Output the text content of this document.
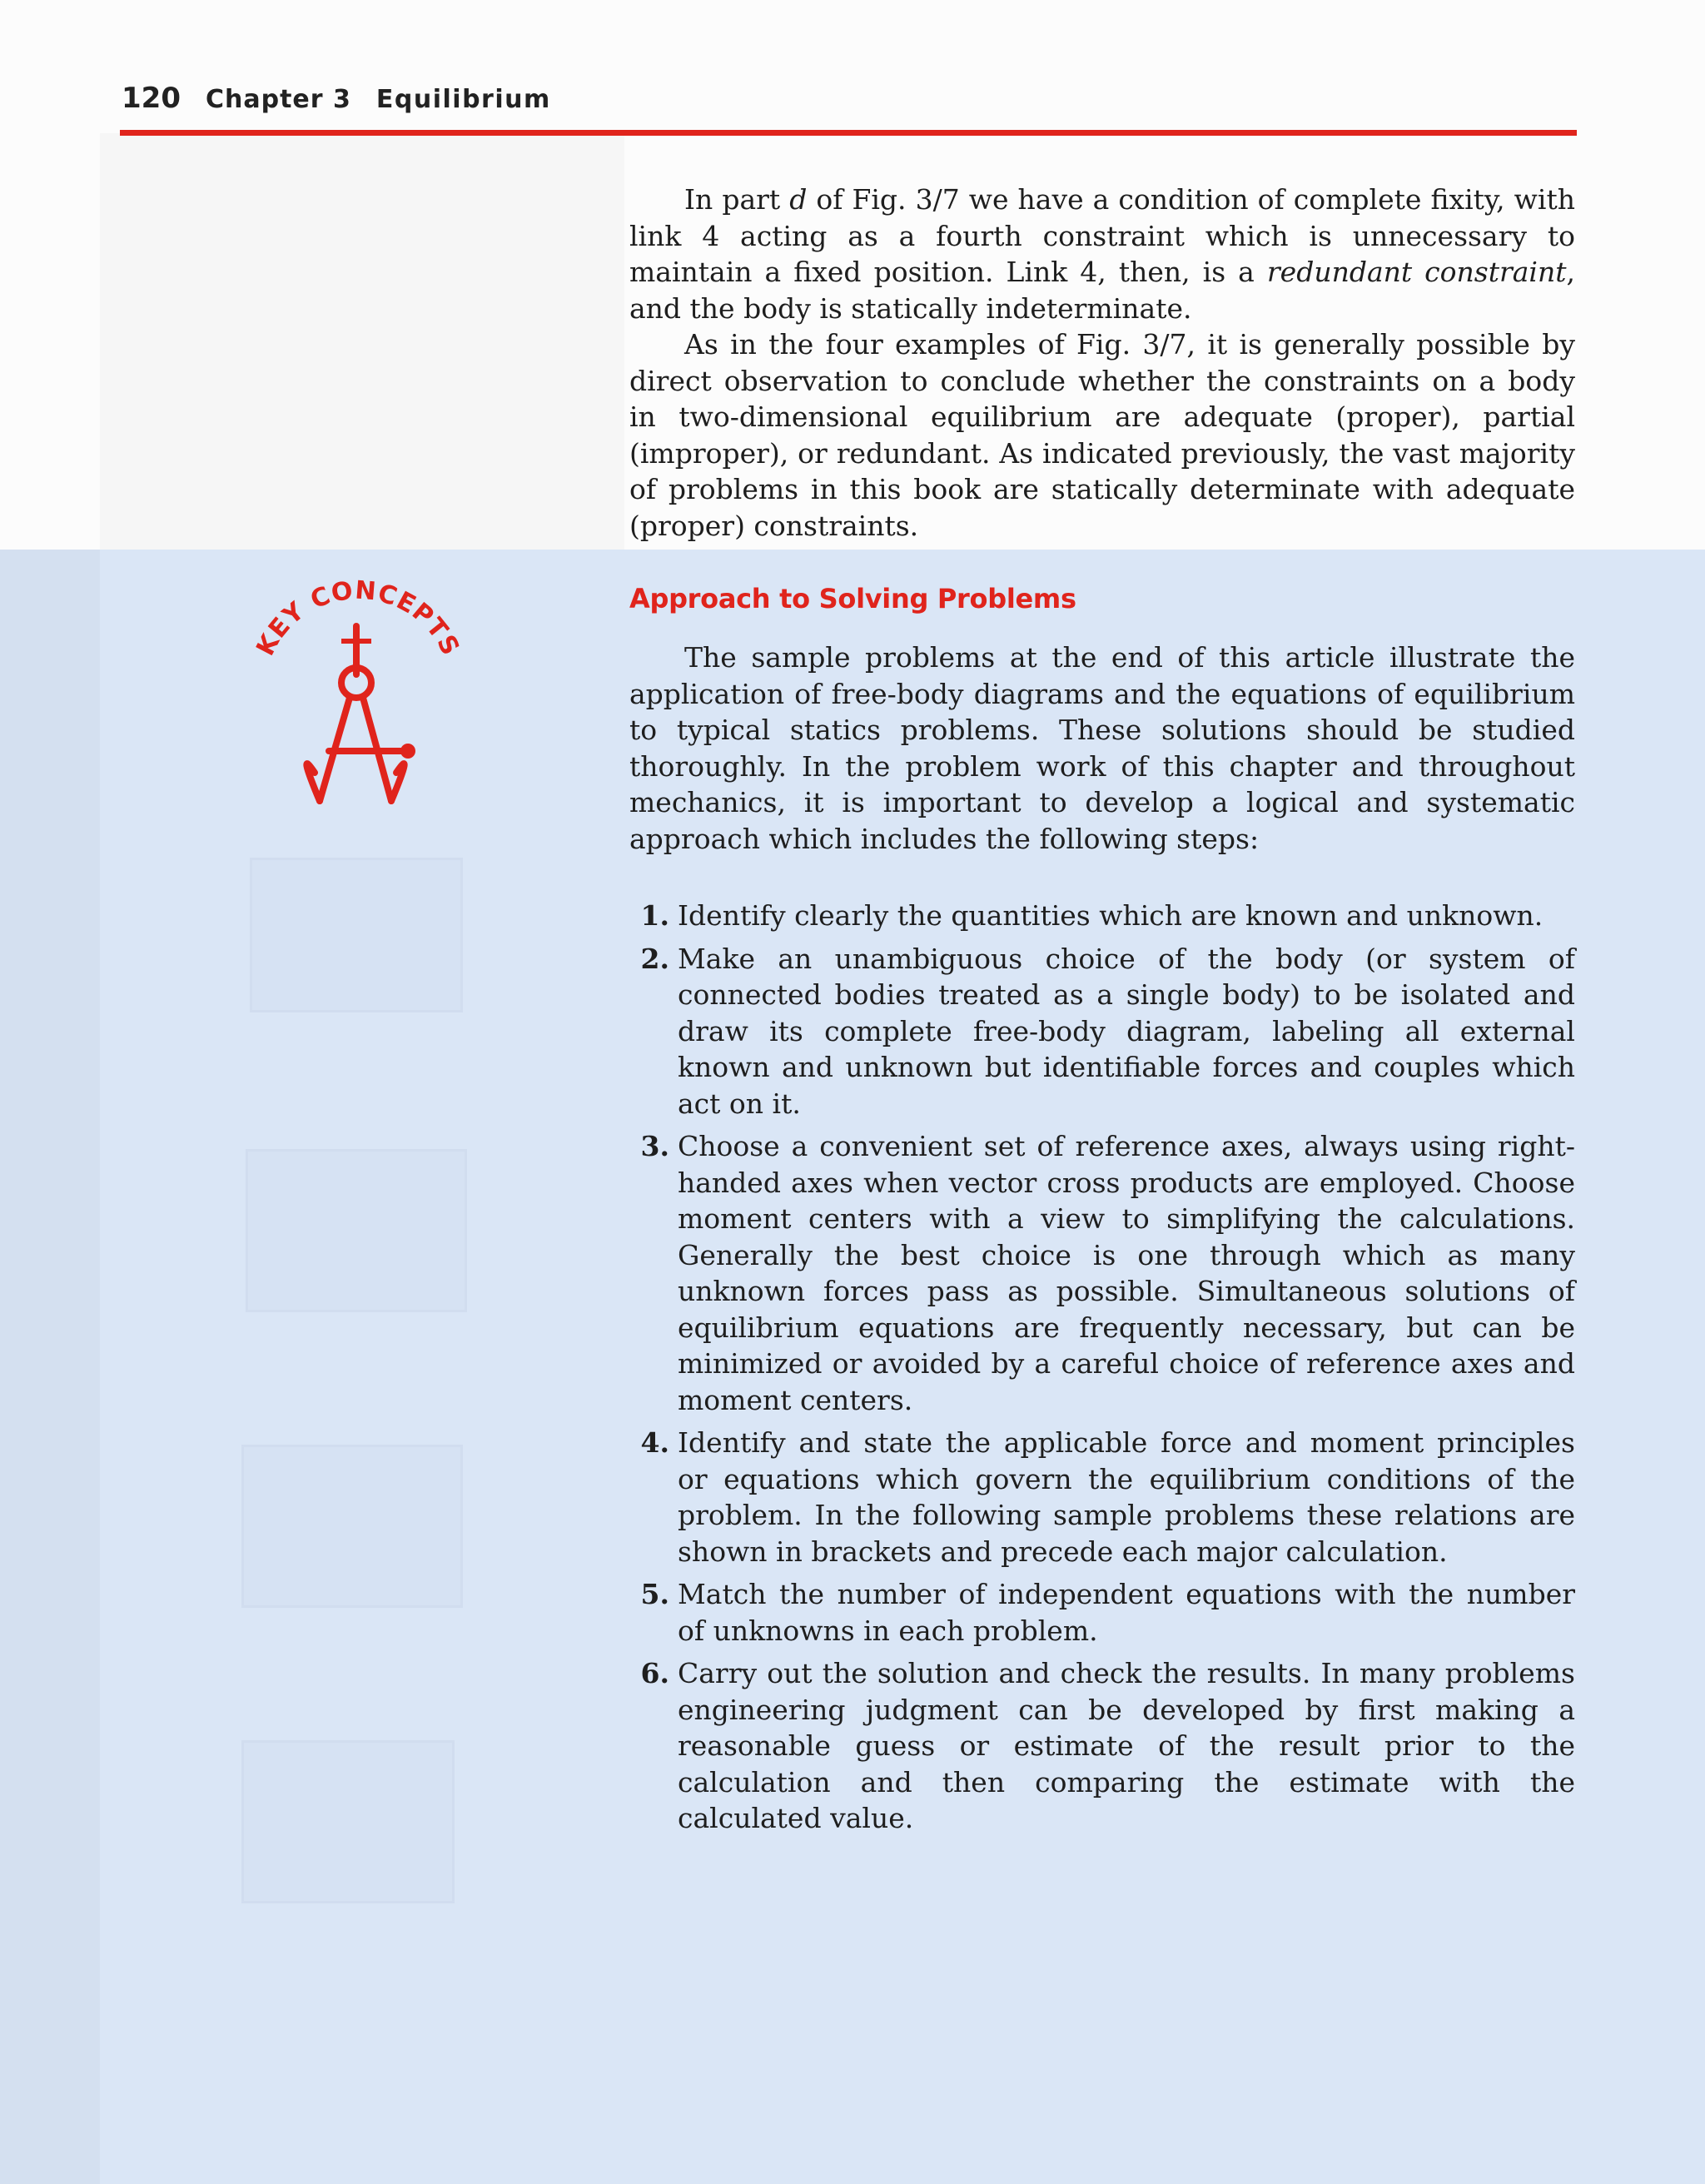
120 Chapter 3 Equilibrium

In part d of Fig. 3/7 we have a condition of complete fixity, with link 4 acting as a fourth constraint which is unnecessary to maintain a fixed position. Link 4, then, is a redundant constraint, and the body is statically indeterminate.

As in the four examples of Fig. 3/7, it is generally possible by direct observation to conclude whether the constraints on a body in two-dimensional equilibrium are adequate (proper), partial (improper), or redundant. As indicated previously, the vast majority of problems in this book are statically determinate with adequate (proper) constraints.

KEY CONCEPTS
Approach to Solving Problems

The sample problems at the end of this article illustrate the application of free-body diagrams and the equations of equilibrium to typical statics problems. These solutions should be studied thoroughly. In the problem work of this chapter and throughout mechanics, it is important to develop a logical and systematic approach which includes the following steps:

1. Identify clearly the quantities which are known and unknown.
2. Make an unambiguous choice of the body (or system of connected bodies treated as a single body) to be isolated and draw its complete free-body diagram, labeling all external known and unknown but identifiable forces and couples which act on it.
3. Choose a convenient set of reference axes, always using right-handed axes when vector cross products are employed. Choose moment centers with a view to simplifying the calculations. Generally the best choice is one through which as many unknown forces pass as possible. Simultaneous solutions of equilibrium equations are frequently necessary, but can be minimized or avoided by a careful choice of reference axes and moment centers.
4. Identify and state the applicable force and moment principles or equations which govern the equilibrium conditions of the problem. In the following sample problems these relations are shown in brackets and precede each major calculation.
5. Match the number of independent equations with the number of unknowns in each problem.
6. Carry out the solution and check the results. In many problems engineering judgment can be developed by first making a reasonable guess or estimate of the result prior to the calculation and then comparing the estimate with the calculated value.
